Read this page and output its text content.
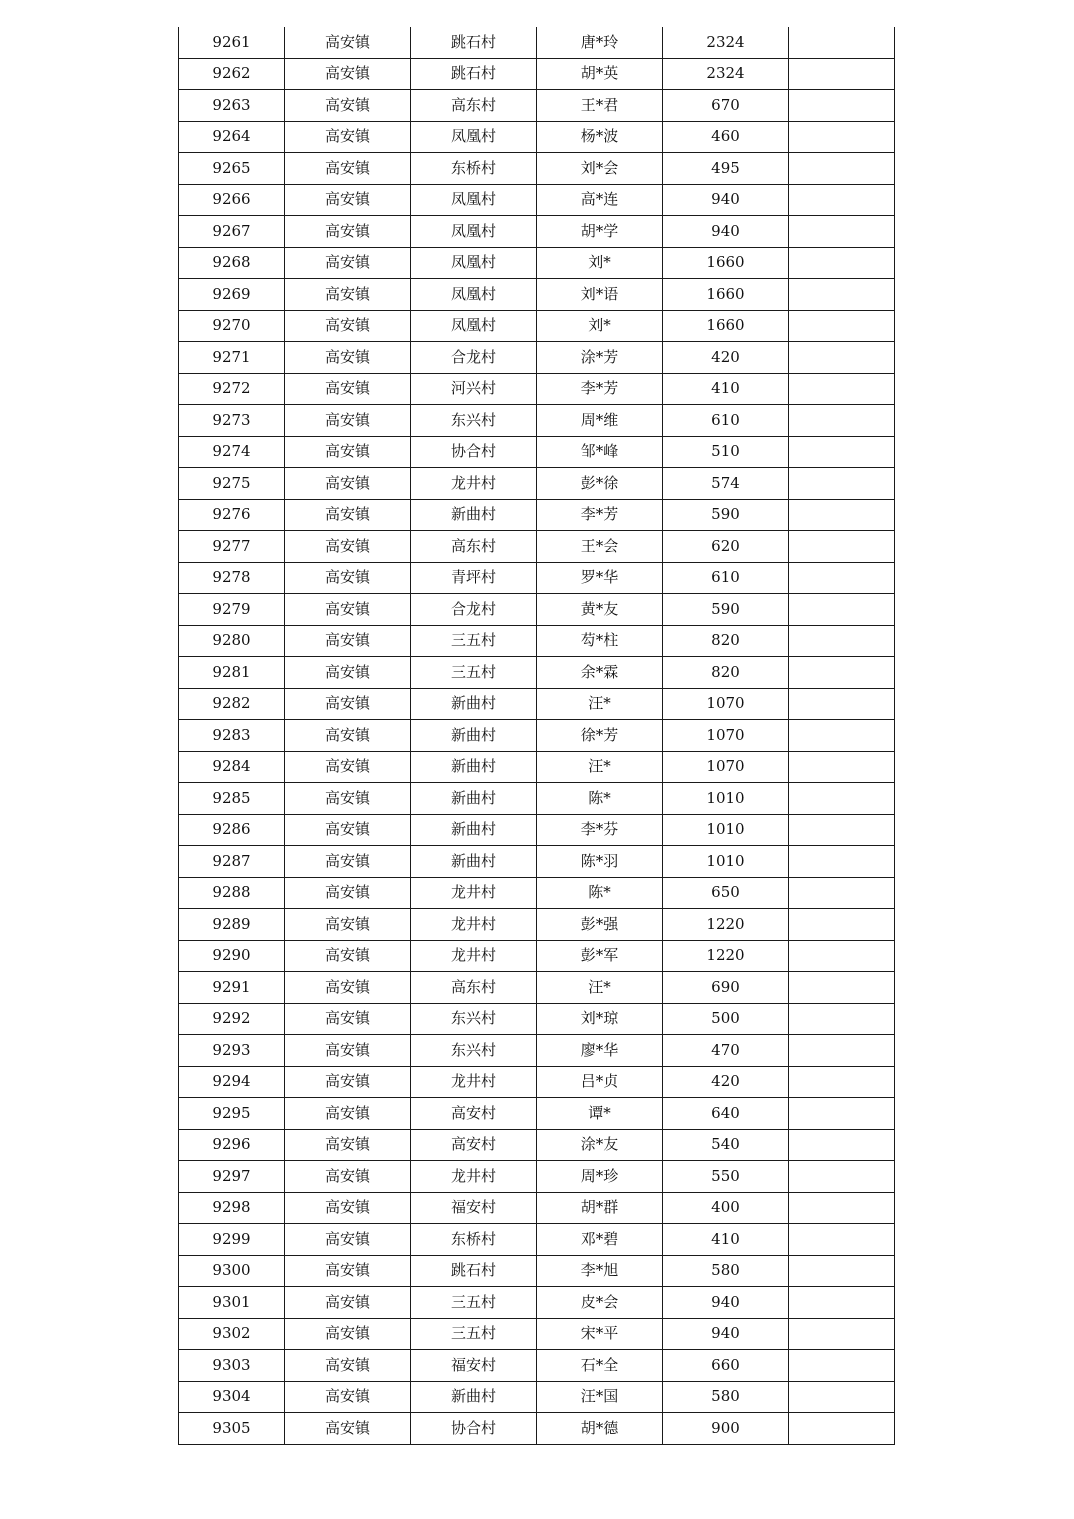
9261	高安镇	跳石村	唐*玲	2324	
9262	高安镇	跳石村	胡*英	2324	
9263	高安镇	高东村	王*君	670	
9264	高安镇	凤凰村	杨*波	460	
9265	高安镇	东桥村	刘*会	495	
9266	高安镇	凤凰村	高*连	940	
9267	高安镇	凤凰村	胡*学	940	
9268	高安镇	凤凰村	刘*	1660	
9269	高安镇	凤凰村	刘*语	1660	
9270	高安镇	凤凰村	刘*	1660	
9271	高安镇	合龙村	涂*芳	420	
9272	高安镇	河兴村	李*芳	410	
9273	高安镇	东兴村	周*维	610	
9274	高安镇	协合村	邹*峰	510	
9275	高安镇	龙井村	彭*徐	574	
9276	高安镇	新曲村	李*芳	590	
9277	高安镇	高东村	王*会	620	
9278	高安镇	青坪村	罗*华	610	
9279	高安镇	合龙村	黄*友	590	
9280	高安镇	三五村	芶*柱	820	
9281	高安镇	三五村	余*霖	820	
9282	高安镇	新曲村	汪*	1070	
9283	高安镇	新曲村	徐*芳	1070	
9284	高安镇	新曲村	汪*	1070	
9285	高安镇	新曲村	陈*	1010	
9286	高安镇	新曲村	李*芬	1010	
9287	高安镇	新曲村	陈*羽	1010	
9288	高安镇	龙井村	陈*	650	
9289	高安镇	龙井村	彭*强	1220	
9290	高安镇	龙井村	彭*军	1220	
9291	高安镇	高东村	汪*	690	
9292	高安镇	东兴村	刘*琼	500	
9293	高安镇	东兴村	廖*华	470	
9294	高安镇	龙井村	吕*贞	420	
9295	高安镇	高安村	谭*	640	
9296	高安镇	高安村	涂*友	540	
9297	高安镇	龙井村	周*珍	550	
9298	高安镇	福安村	胡*群	400	
9299	高安镇	东桥村	邓*碧	410	
9300	高安镇	跳石村	李*旭	580	
9301	高安镇	三五村	皮*会	940	
9302	高安镇	三五村	宋*平	940	
9303	高安镇	福安村	石*全	660	
9304	高安镇	新曲村	汪*国	580	
9305	高安镇	协合村	胡*德	900	
